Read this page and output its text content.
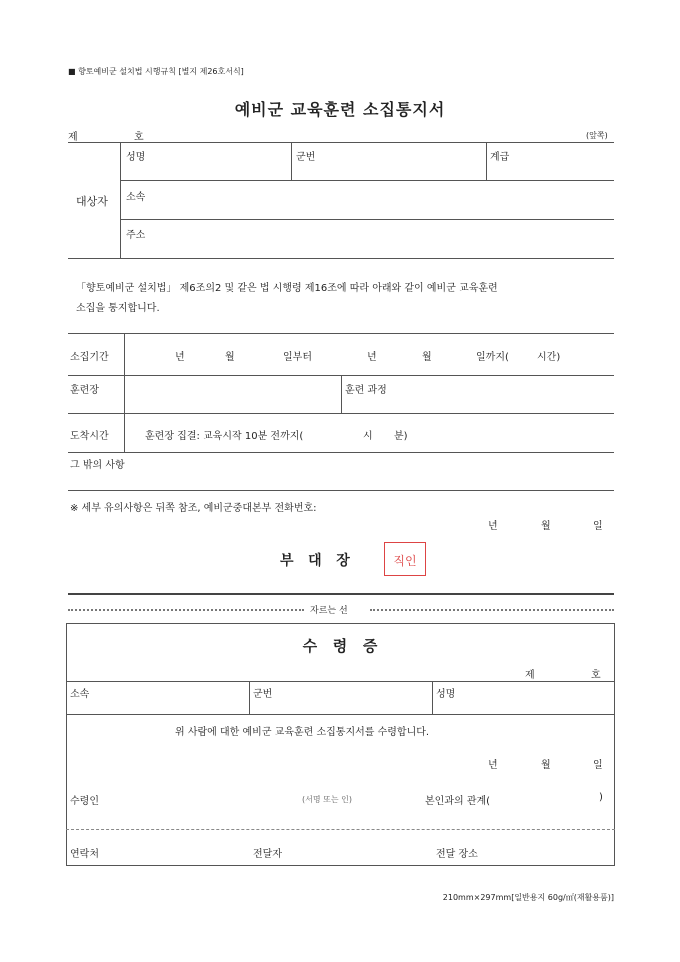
■ 향토예비군 설치법 시행규칙 [별지 제26호서식]
예비군 교육훈련 소집통지서
제	호	(앞쪽)
대상자
성명	군번	계급
소속
주소
「향토예비군 설치법」 제6조의2 및 같은 법 시행령 제16조에 따라 아래와 같이 예비군 교육훈련
소집을 통지합니다.
소집기간	년	월	일부터	년	월	일까지(	시간)
훈련장	훈련 과정
도착시간	훈련장 집결: 교육시작 10분 전까지(	시 분)
그 밖의 사항
※ 세부 유의사항은 뒤쪽 참조, 예비군중대본부 전화번호:
년	월	일
부   대   장	직인
자르는 선
수   령   증
제	호
소속	군번	성명
위 사람에 대한 예비군 교육훈련 소집통지서를 수령합니다.
년	월	일
수령인	(서명 또는 인)	본인과의 관계(	)
연락처	전달자	전달 장소
210mm×297mm[일반용지 60g/㎡(재활용품)]
